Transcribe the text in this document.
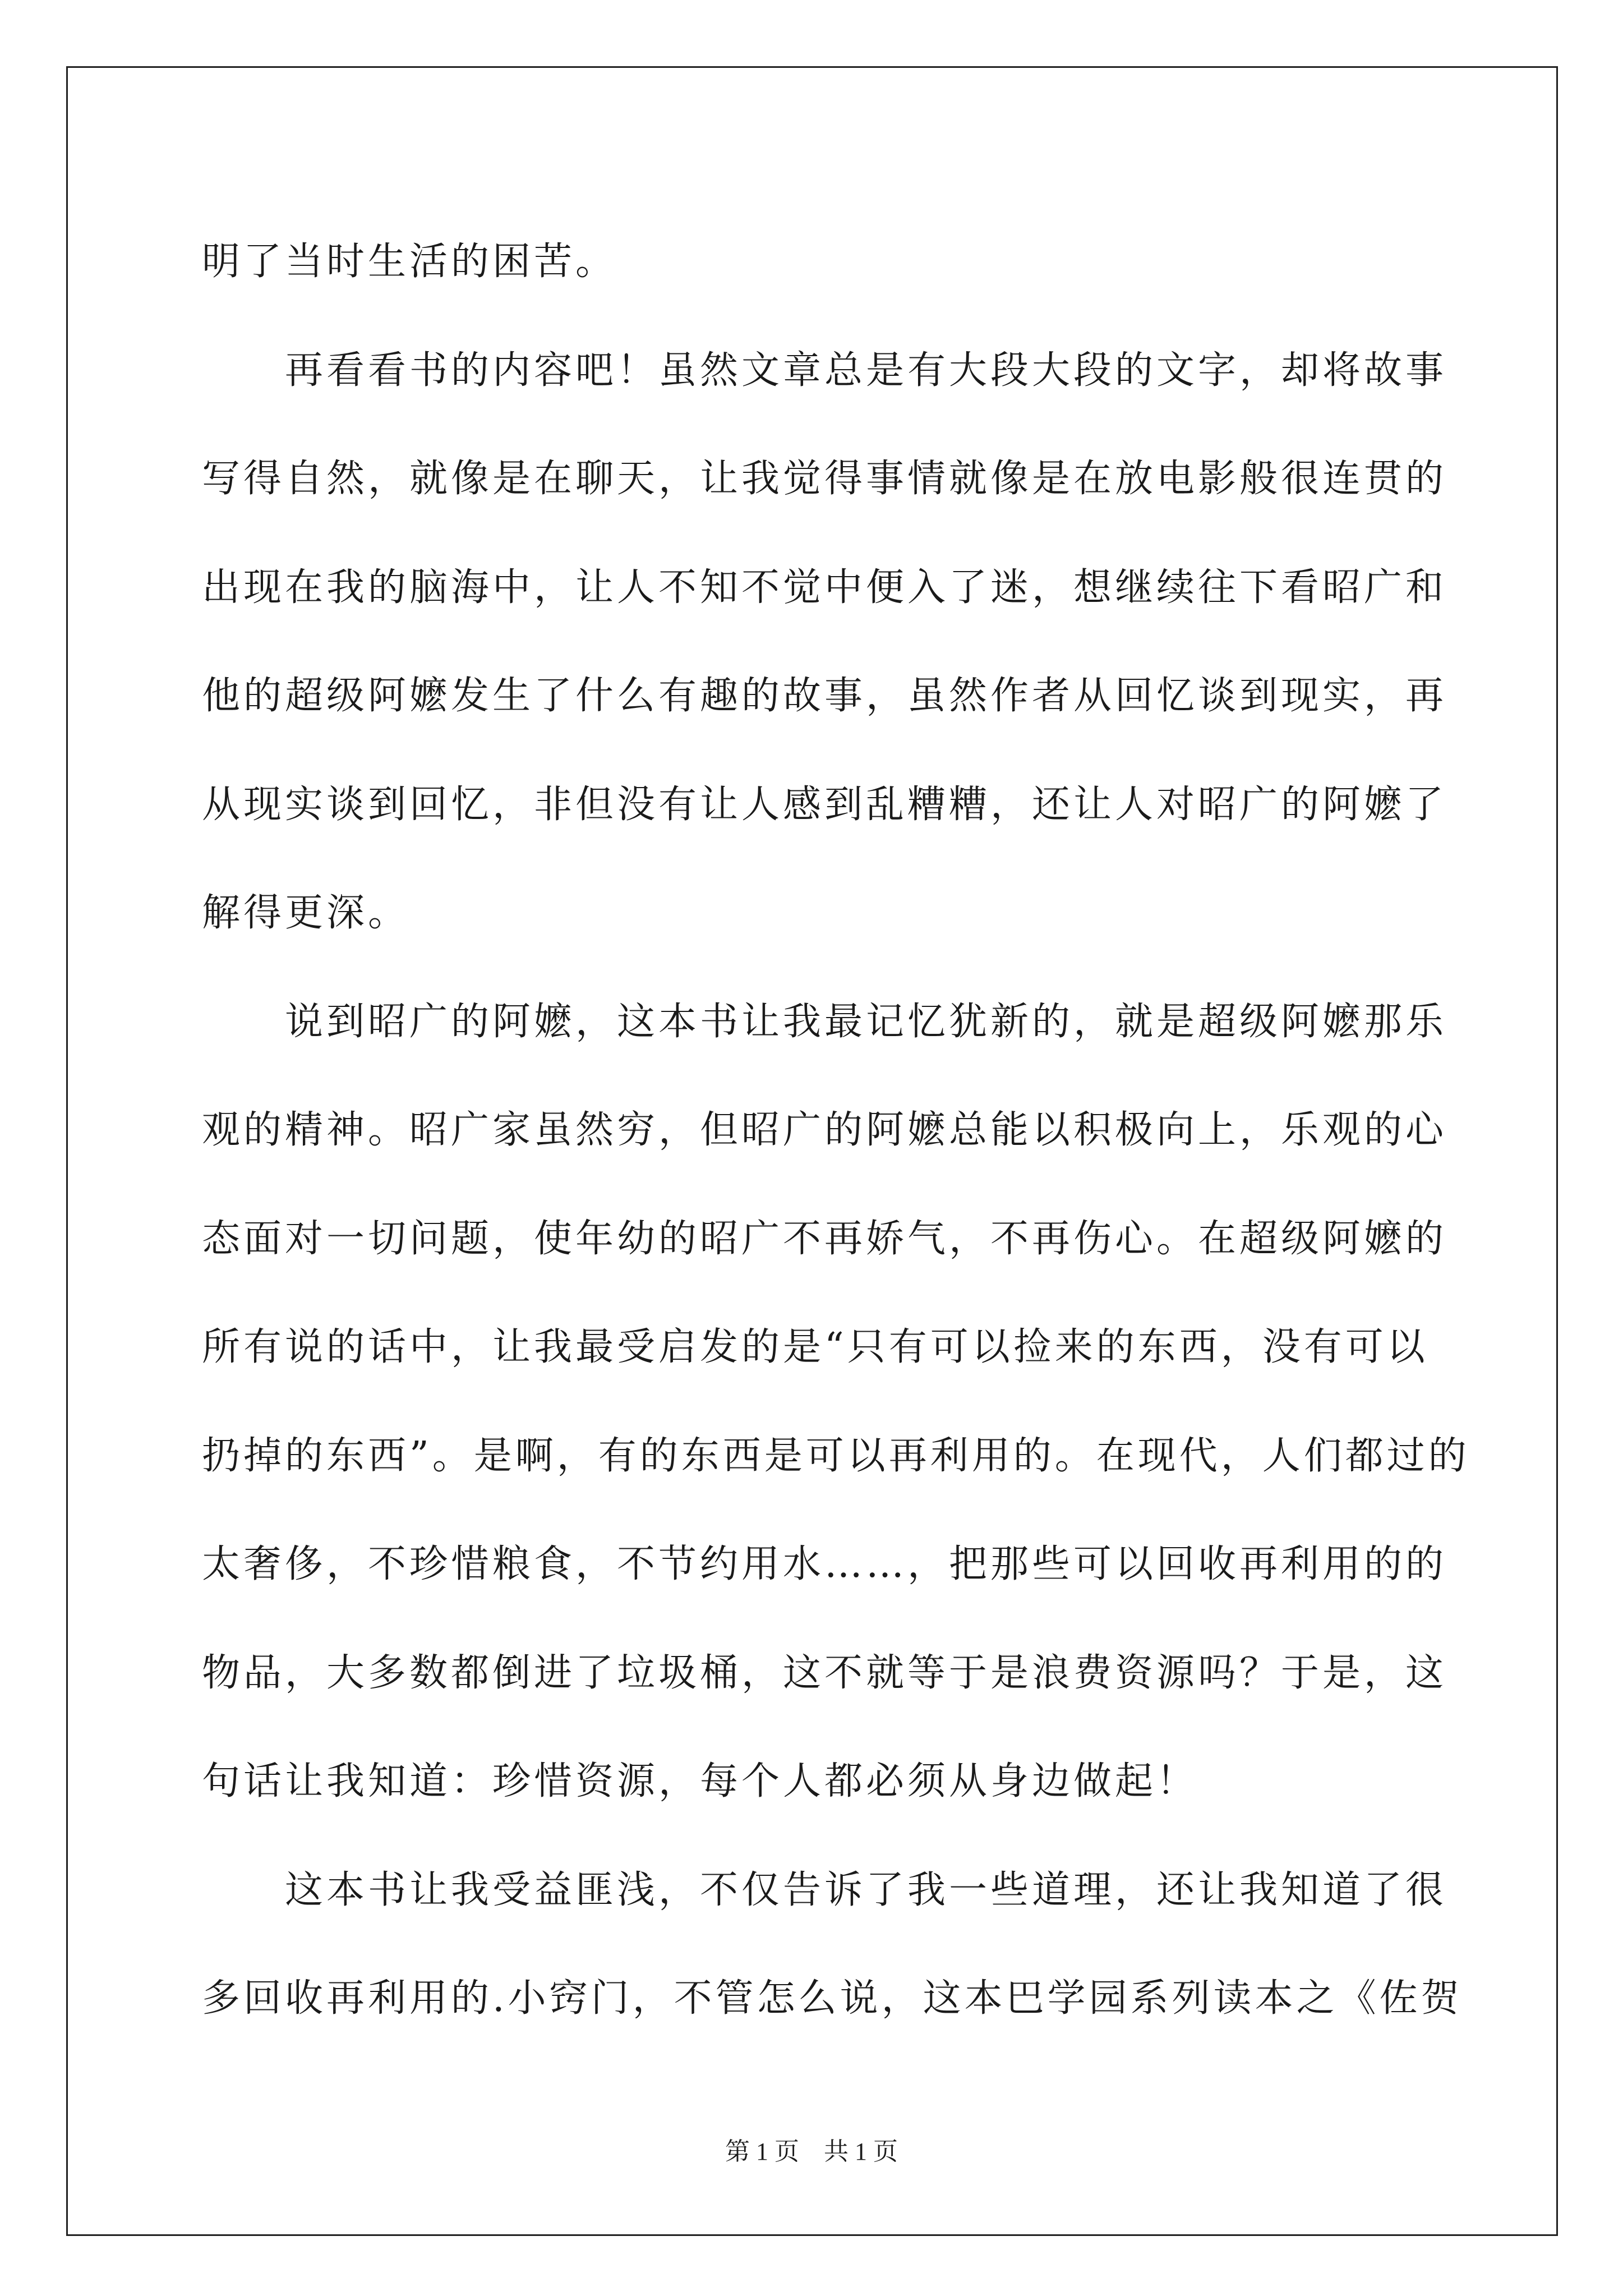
明了当时生活的困苦。
再看看书的内容吧！虽然文章总是有大段大段的文字，却将故事
写得自然，就像是在聊天，让我觉得事情就像是在放电影般很连贯的
出现在我的脑海中，让人不知不觉中便入了迷，想继续往下看昭广和
他的超级阿嬷发生了什么有趣的故事，虽然作者从回忆谈到现实，再
从现实谈到回忆，非但没有让人感到乱糟糟，还让人对昭广的阿嬷了
解得更深。
说到昭广的阿嬷，这本书让我最记忆犹新的，就是超级阿嬷那乐
观的精神。昭广家虽然穷，但昭广的阿嬷总能以积极向上，乐观的心
态面对一切问题，使年幼的昭广不再娇气，不再伤心。在超级阿嬷的
所有说的话中，让我最受启发的是“只有可以捡来的东西，没有可以
扔掉的东西”。是啊，有的东西是可以再利用的。在现代，人们都过的
太奢侈，不珍惜粮食，不节约用水……，把那些可以回收再利用的的
物品，大多数都倒进了垃圾桶，这不就等于是浪费资源吗？于是，这
句话让我知道：珍惜资源，每个人都必须从身边做起！
这本书让我受益匪浅，不仅告诉了我一些道理，还让我知道了很
多回收再利用的.小窍门，不管怎么说，这本巴学园系列读本之《佐贺
第 1 页 共 1 页
